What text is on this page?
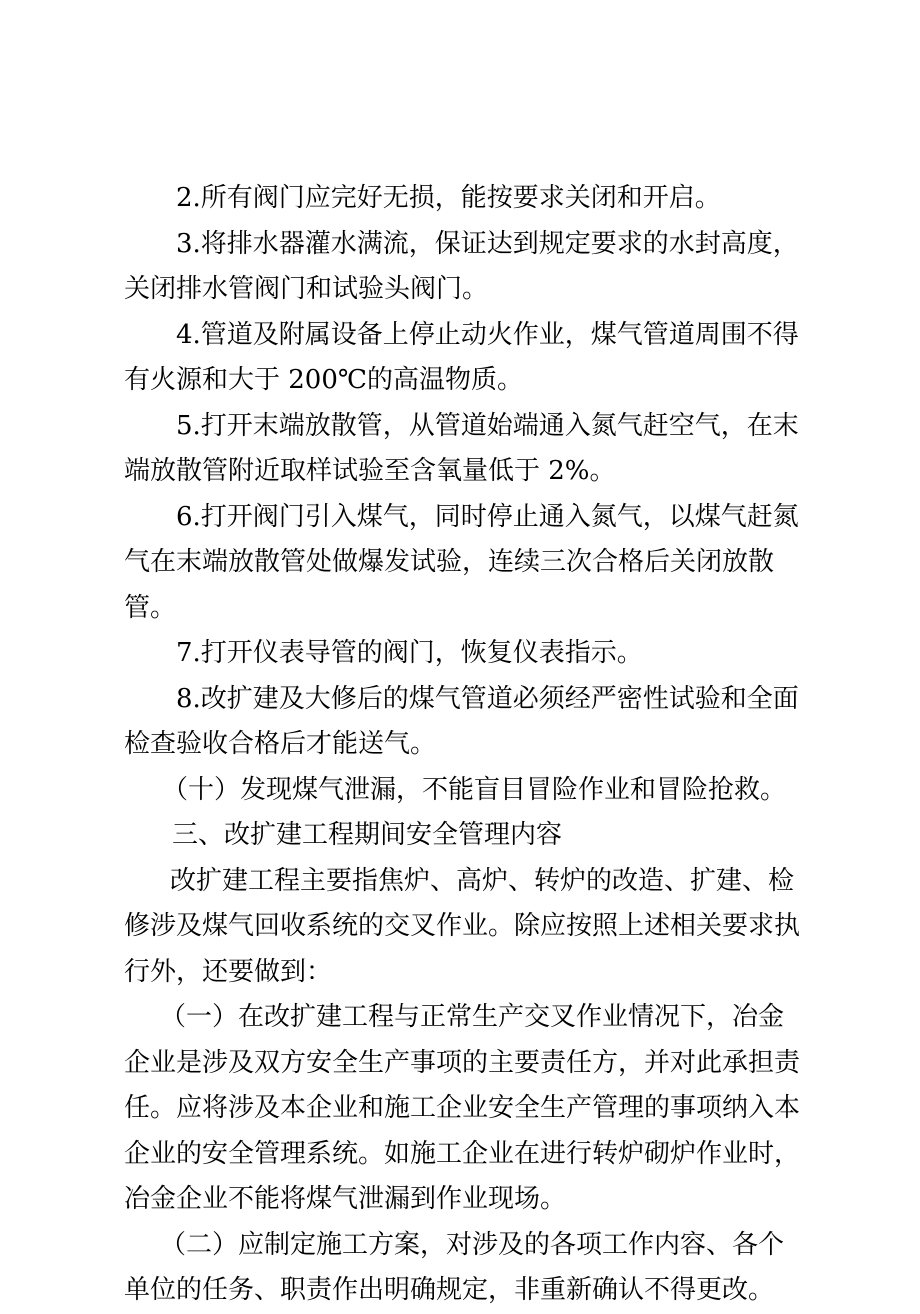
2.所有阀门应完好无损，能按要求关闭和开启。

3.将排水器灌水满流，保证达到规定要求的水封高度，关闭排水管阀门和试验头阀门。

4.管道及附属设备上停止动火作业，煤气管道周围不得有火源和大于 200℃的高温物质。

5.打开末端放散管，从管道始端通入氮气赶空气，在末端放散管附近取样试验至含氧量低于 2%。

6.打开阀门引入煤气，同时停止通入氮气，以煤气赶氮气在末端放散管处做爆发试验，连续三次合格后关闭放散管。

7.打开仪表导管的阀门，恢复仪表指示。

8.改扩建及大修后的煤气管道必须经严密性试验和全面检查验收合格后才能送气。

（十）发现煤气泄漏，不能盲目冒险作业和冒险抢救。

三、改扩建工程期间安全管理内容

改扩建工程主要指焦炉、高炉、转炉的改造、扩建、检修涉及煤气回收系统的交叉作业。除应按照上述相关要求执行外，还要做到：

（一）在改扩建工程与正常生产交叉作业情况下，冶金企业是涉及双方安全生产事项的主要责任方，并对此承担责任。应将涉及本企业和施工企业安全生产管理的事项纳入本企业的安全管理系统。如施工企业在进行转炉砌炉作业时，冶金企业不能将煤气泄漏到作业现场。

（二）应制定施工方案，对涉及的各项工作内容、各个单位的任务、职责作出明确规定，非重新确认不得更改。
